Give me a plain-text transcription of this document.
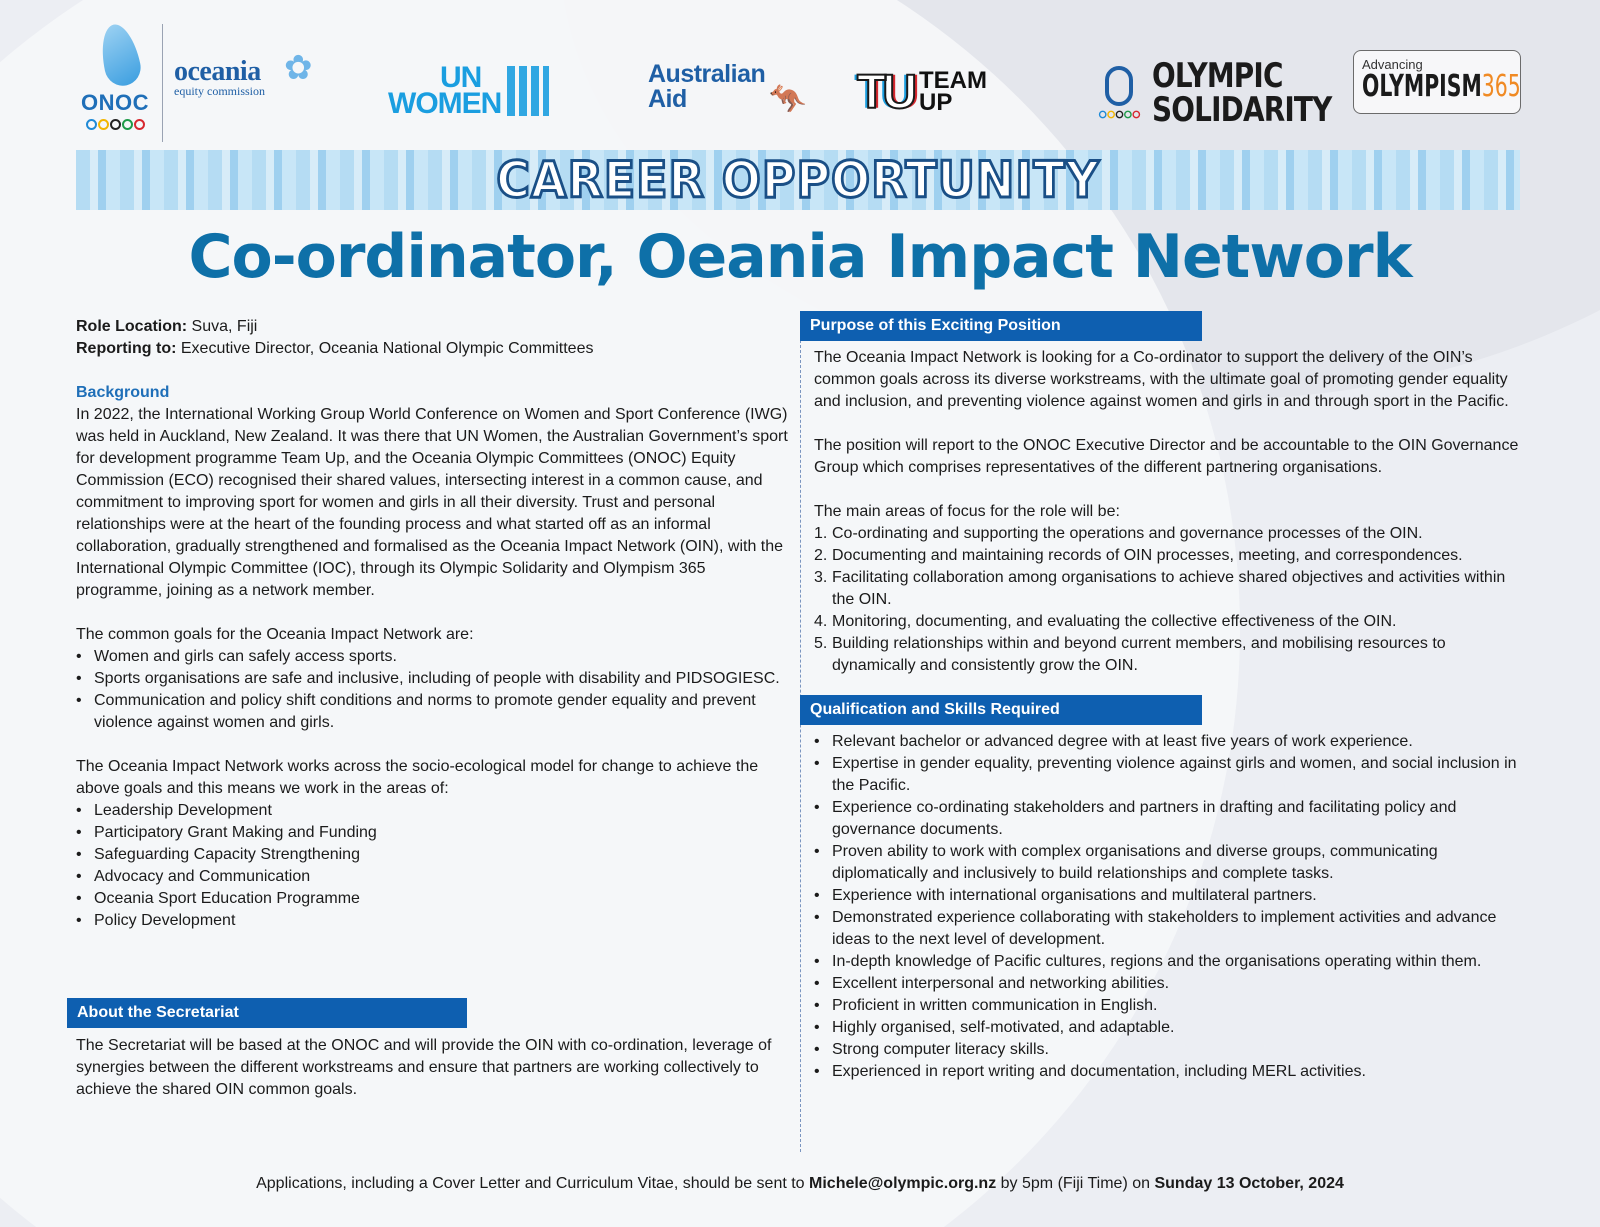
ONOC
✿
oceania
equity commission	UN
WOMEN
Australian
Aid	🦘 TU TEAM
UP
OLYMPIC
SOLIDARITY
Advancing
OLYMPISM365
CAREER OPPORTUNITY
Co-ordinator, Oeania Impact Network
Role Location: Suva, Fiji
Reporting to: Executive Director, Oceania National Olympic Committees
Background

In 2022, the International Working Group World Conference on Women and Sport Conference (IWG) was held in Auckland, New Zealand. It was there that UN Women, the Australian Government’s sport for development programme Team Up, and the Oceania Olympic Committees (ONOC) Equity Commission (ECO) recognised their shared values, intersecting interest in a common cause, and commitment to improving sport for women and girls in all their diversity. Trust and personal relationships were at the heart of the founding process and what started off as an informal collaboration, gradually strengthened and formalised as the Oceania Impact Network (OIN), with the International Olympic Committee (IOC), through its Olympic Solidarity and Olympism 365 programme, joining as a network member.

The common goals for the Oceania Impact Network are:

• Women and girls can safely access sports.
• Sports organisations are safe and inclusive, including of people with disability and PIDSOGIESC.
• Communication and policy shift conditions and norms to promote gender equality and prevent violence against women and girls.

The Oceania Impact Network works across the socio-ecological model for change to achieve the above goals and this means we work in the areas of:

• Leadership Development
• Participatory Grant Making and Funding
• Safeguarding Capacity Strengthening
• Advocacy and Communication
• Oceania Sport Education Programme
• Policy Development
About the Secretariat

The Secretariat will be based at the ONOC and will provide the OIN with co-ordination, leverage of synergies between the different workstreams and ensure that partners are working collectively to achieve the shared OIN common goals.

Purpose of this Exciting Position

The Oceania Impact Network is looking for a Co-ordinator to support the delivery of the OIN’s common goals across its diverse workstreams, with the ultimate goal of promoting gender equality and inclusion, and preventing violence against women and girls in and through sport in the Pacific.

The position will report to the ONOC Executive Director and be accountable to the OIN Governance Group which comprises representatives of the different partnering organisations.

The main areas of focus for the role will be:

1. Co-ordinating and supporting the operations and governance processes of the OIN.
2. Documenting and maintaining records of OIN processes, meeting, and correspondences.
3. Facilitating collaboration among organisations to achieve shared objectives and activities within the OIN.
4. Monitoring, documenting, and evaluating the collective effectiveness of the OIN.
5. Building relationships within and beyond current members, and mobilising resources to dynamically and consistently grow the OIN.
Qualification and Skills Required
• Relevant bachelor or advanced degree with at least five years of work experience.
• Expertise in gender equality, preventing violence against girls and women, and social inclusion in the Pacific.
• Experience co-ordinating stakeholders and partners in drafting and facilitating policy and governance documents.
• Proven ability to work with complex organisations and diverse groups, communicating diplomatically and inclusively to build relationships and complete tasks.
• Experience with international organisations and multilateral partners.
• Demonstrated experience collaborating with stakeholders to implement activities and advance ideas to the next level of development.
• In-depth knowledge of Pacific cultures, regions and the organisations operating within them.
• Excellent interpersonal and networking abilities.
• Proficient in written communication in English.
• Highly organised, self-motivated, and adaptable.
• Strong computer literacy skills.
• Experienced in report writing and documentation, including MERL activities.
Applications, including a Cover Letter and Curriculum Vitae, should be sent to Michele@olympic.org.nz by 5pm (Fiji Time) on Sunday 13 October, 2024
